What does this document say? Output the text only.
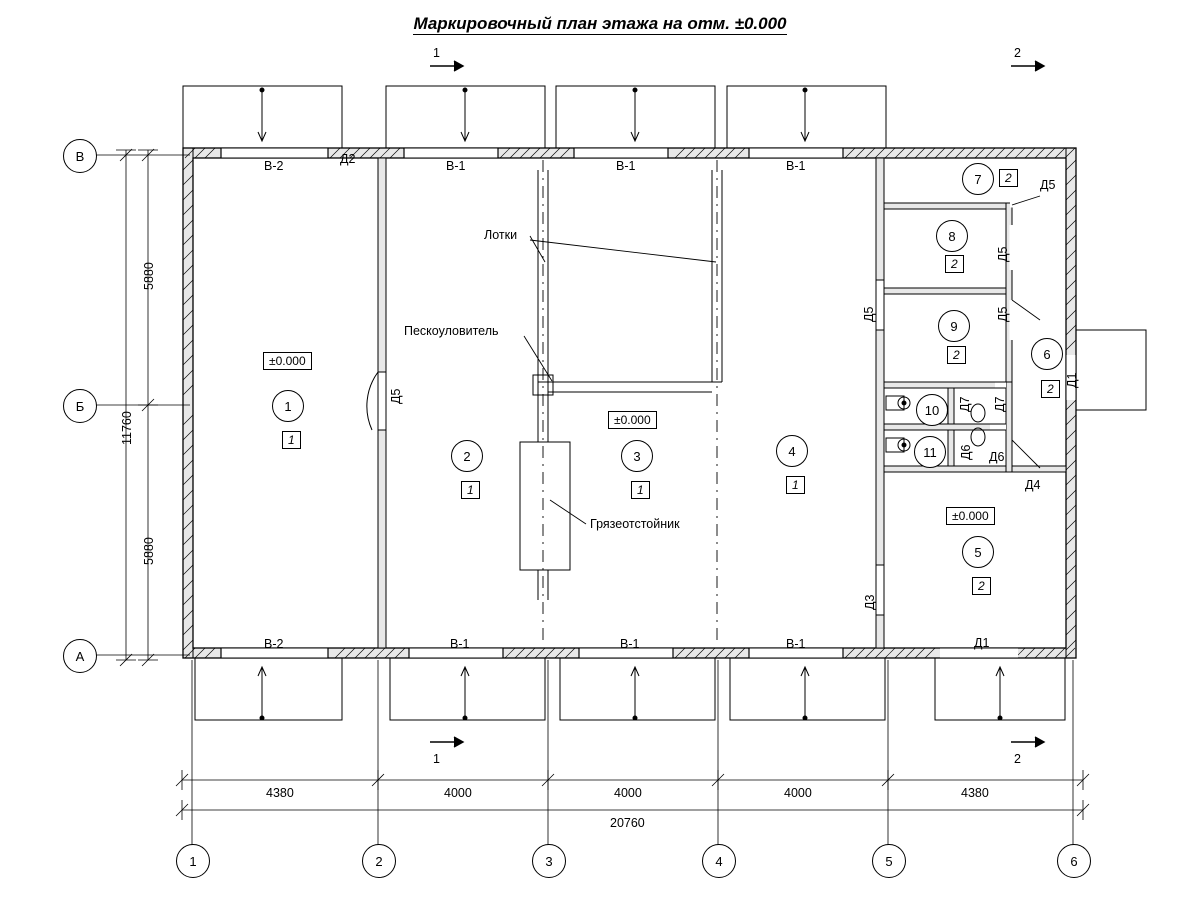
Маркировочный план этажа на отм. ±0.000
В
Б
А
1	2	3	4	5	6
1	2
1	2
5880
5880
11760
4380	4000	4000	4000	4380
20760
В-2	В-1	В-1	В-1
В-2	В-1	В-1	В-1
Д2
Д5
Д5
Д5	Д5
Д1
Д5
Д7 Д7
Д6 Д6
Д4
Д3
Д1
±0.000
±0.000
±0.000
1
1
2
1
3
1
4
1
5
2
6
2
7	2
8
2
9
2
10
11
Лотки
Пескоуловитель
Грязеотстойник
